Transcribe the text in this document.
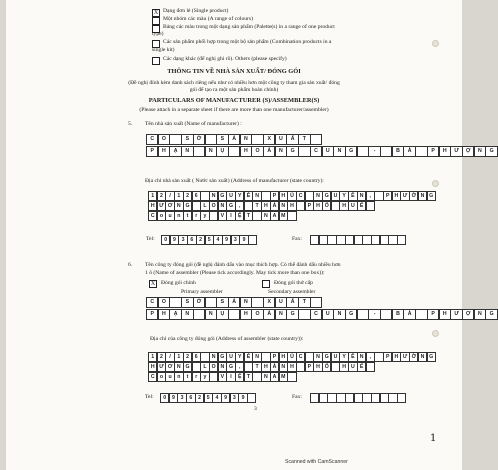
X Dạng đơn lẻ (Single product)
Một nhóm các màu (A range of colours)
Bảng các màu trong một dạng sản phẩm (Palette(s) in a range of one product
type)
Các sản phẩm phối hợp trong một bộ sản phẩm (Combination products in a
single kit)
Các dạng khác (để nghị ghi rõ). Others (please specify)
THÔNG TIN VỀ NHÀ SẢN XUẤT/ ĐÓNG GÓI
(Đề nghị đính kèm danh sách riêng nếu như có nhiều hơn một công ty tham gia sản xuất/ đóng
gói để tạo ra một sản phẩm hoàn chỉnh)
PARTICULARS OF MANUFACTURER (S)/ASSEMBLER(S)
(Please attach in a separate sheet if there are more than one manufacturer/assembler)
5. Tên nhà sản xuất (Name of manufacturer) :
C	O	S	Ở	S	Ả	N	X	U	Ấ	T
P	H	Ạ	N	N	Ụ	H	O	À	N	G	C	U	N	G	-	B	À	P	H	Ư	Ợ	N	G
Địa chỉ nhà sản xuất ( Nước sản xuất) (Address of manufacturer (state country):
1	2	/	1	2	6	N G U Y	Ễ N	P H Ú C	N G U Y	Ê N	,	P H Ư Ờ N G
H Ư Ơ N G	L O N G	,	T	H À N H	P H Ố	H U Ế
C	o	u	n	t	r	y	V	I	Ệ	T	N A M
Tel:	0	9	3	6	2	5	4	9	3	9	Fax:
6. Tên công ty đóng gói (đề nghị đánh dấu vào mục thích hợp. Có thể đánh dấu nhiều hơn
1 ô (Name of assembler (Please tick accordingly. May tick more than one box)):
X	Đóng gói chính	Đóng gói thứ cấp
Primary assembler	Secondary assembler
C	O	S	Ở	S	Ả	N	X	U	Ấ	T
P	H	Ạ	N	N	Ụ	H	O	À	N	G	C	U	N	G	-	B	À	P	H	Ư	Ợ	N	G
Địa chỉ của công ty đóng gói (Address of assembler (state country)):
1	2	/	1	2	6	N G U Y	Ễ N	P H Ú C	N G U Y	Ê N	,	P H Ư Ờ N G
H Ư Ơ N G	L O N G	,	T	H À N H	P H Ố	H U Ế
C	o	u	n	t	r	y	V	I	Ệ	T	N A M
Tel:	0	9	3	6	2	5	4	9	3	9	Fax:
3
1
Scanned with CamScanner
